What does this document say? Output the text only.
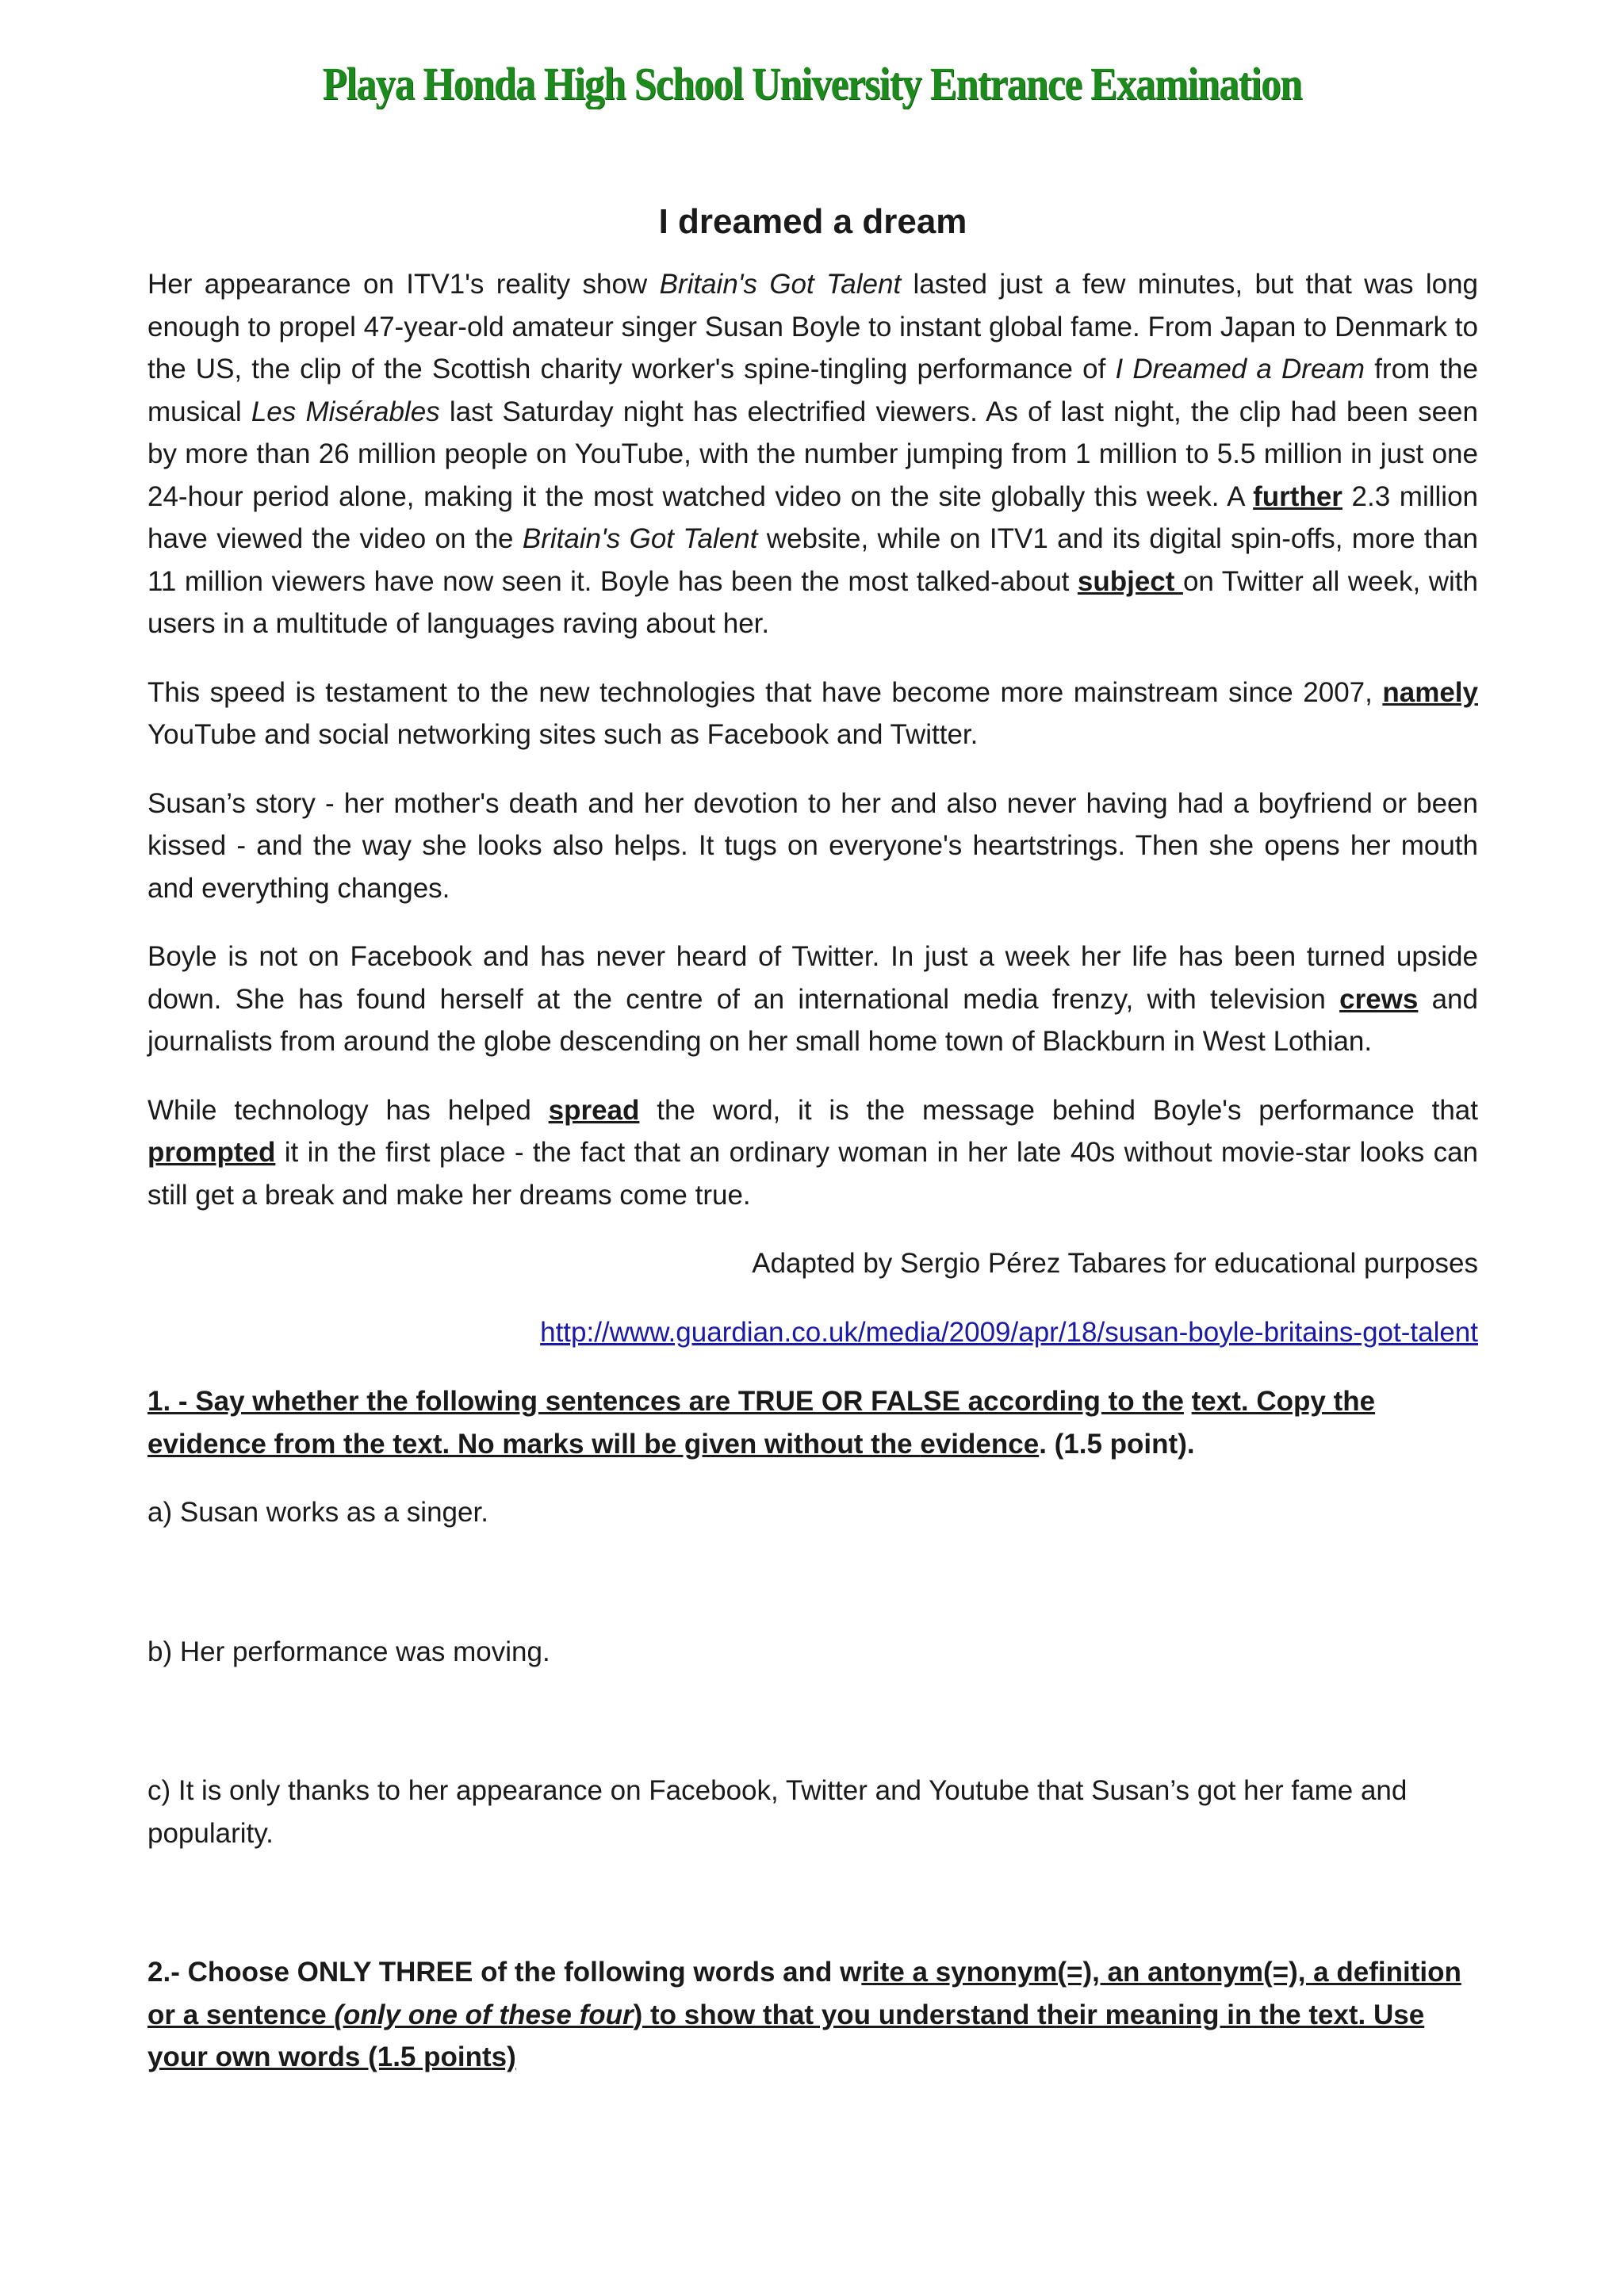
Playa Honda High School University Entrance Examination
I dreamed a dream

Her appearance on ITV1's reality show Britain's Got Talent lasted just a few minutes, but that was long enough to propel 47-year-old amateur singer Susan Boyle to instant global fame. From Japan to Denmark to the US, the clip of the Scottish charity worker's spine-tingling performance of I Dreamed a Dream from the musical Les Misérables last Saturday night has electrified viewers. As of last night, the clip had been seen by more than 26 million people on YouTube, with the number jumping from 1 million to 5.5 million in just one 24-hour period alone, making it the most watched video on the site globally this week. A further 2.3 million have viewed the video on the Britain's Got Talent website, while on ITV1 and its digital spin-offs, more than 11 million viewers have now seen it. Boyle has been the most talked-about subject on Twitter all week, with users in a multitude of languages raving about her.

This speed is testament to the new technologies that have become more mainstream since 2007, namely YouTube and social networking sites such as Facebook and Twitter.

Susan’s story - her mother's death and her devotion to her and also never having had a boyfriend or been kissed - and the way she looks also helps. It tugs on everyone's heartstrings. Then she opens her mouth and everything changes.

Boyle is not on Facebook and has never heard of Twitter. In just a week her life has been turned upside down. She has found herself at the centre of an international media frenzy, with television crews and journalists from around the globe descending on her small home town of Blackburn in West Lothian.

While technology has helped spread the word, it is the message behind Boyle's performance that prompted it in the first place - the fact that an ordinary woman in her late 40s without movie-star looks can still get a break and make her dreams come true.

Adapted by Sergio Pérez Tabares for educational purposes

http://www.guardian.co.uk/media/2009/apr/18/susan-boyle-britains-got-talent

1. - Say whether the following sentences are TRUE OR FALSE according to the text. Copy the evidence from the text. No marks will be given without the evidence. (1.5 point).

a) Susan works as a singer.

b) Her performance was moving.

c) It is only thanks to her appearance on Facebook, Twitter and Youtube that Susan’s got her fame and popularity.

2.- Choose ONLY THREE of the following words and write a synonym(=), an antonym(=), a definition or a sentence (only one of these four) to show that you understand their meaning in the text. Use your own words (1.5 points)
